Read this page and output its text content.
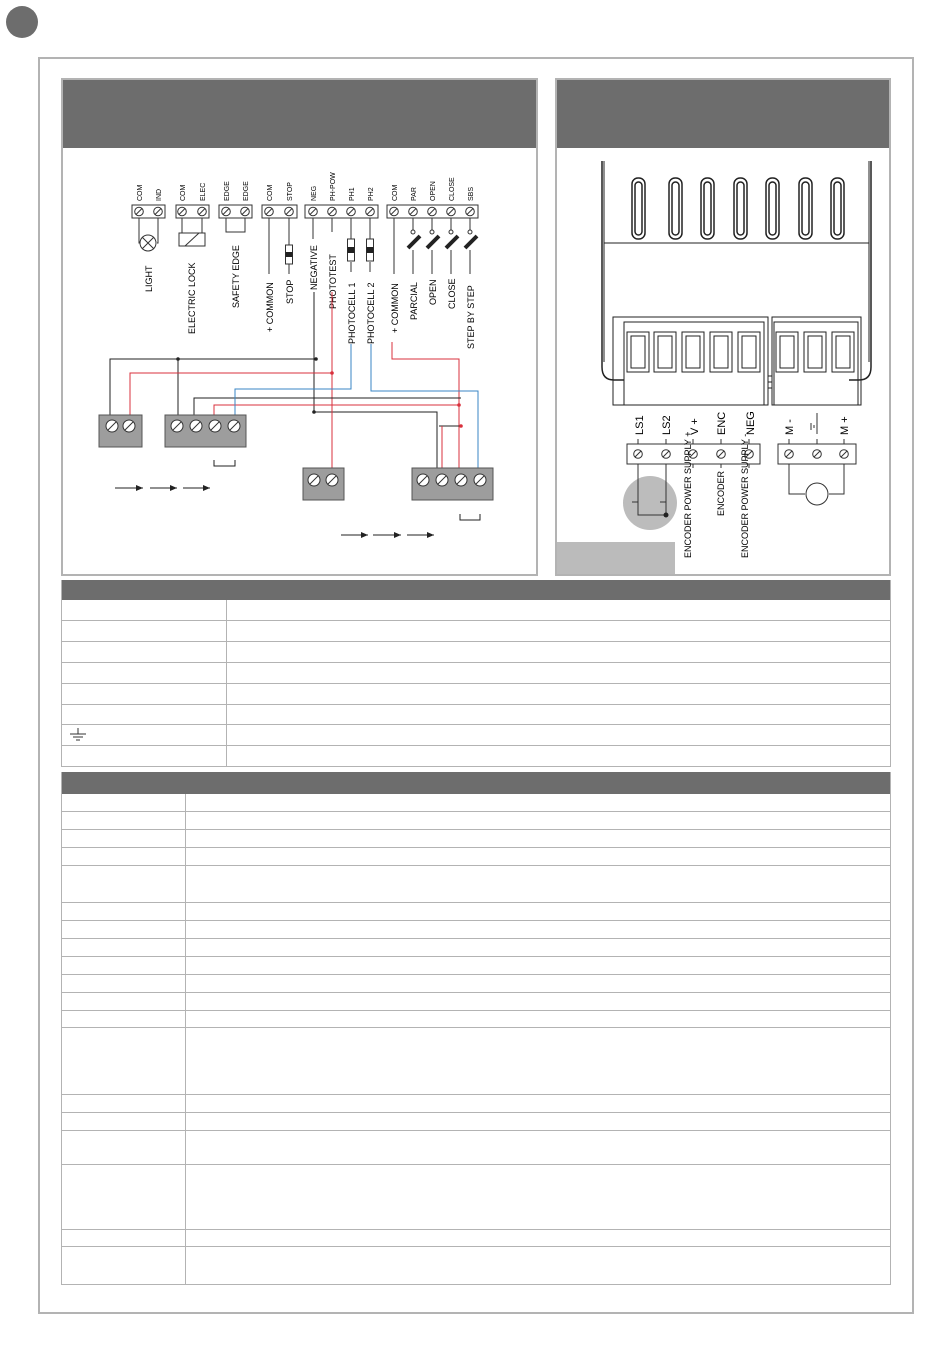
COM IND
LIGHT
COM ELEC
ELECTRIC LOCK
EDGE EDGE
SAFETY EDGE
COM STOP
+ COMMON STOP
NEG PH-POW PH1 PH2
NEGATIVE PHOTOTEST
PHOTOCELL 1 PHOTOCELL 2
COM PAR OPEN CLOSE SBS
+ COMMON PARCIAL OPEN CLOSE STEP BY STEP
LS1 LS2 V + ENC NEG M -	M +
ENCODER POWER SUPPLY +	ENCODER ENCODER POWER SUPPLY -
